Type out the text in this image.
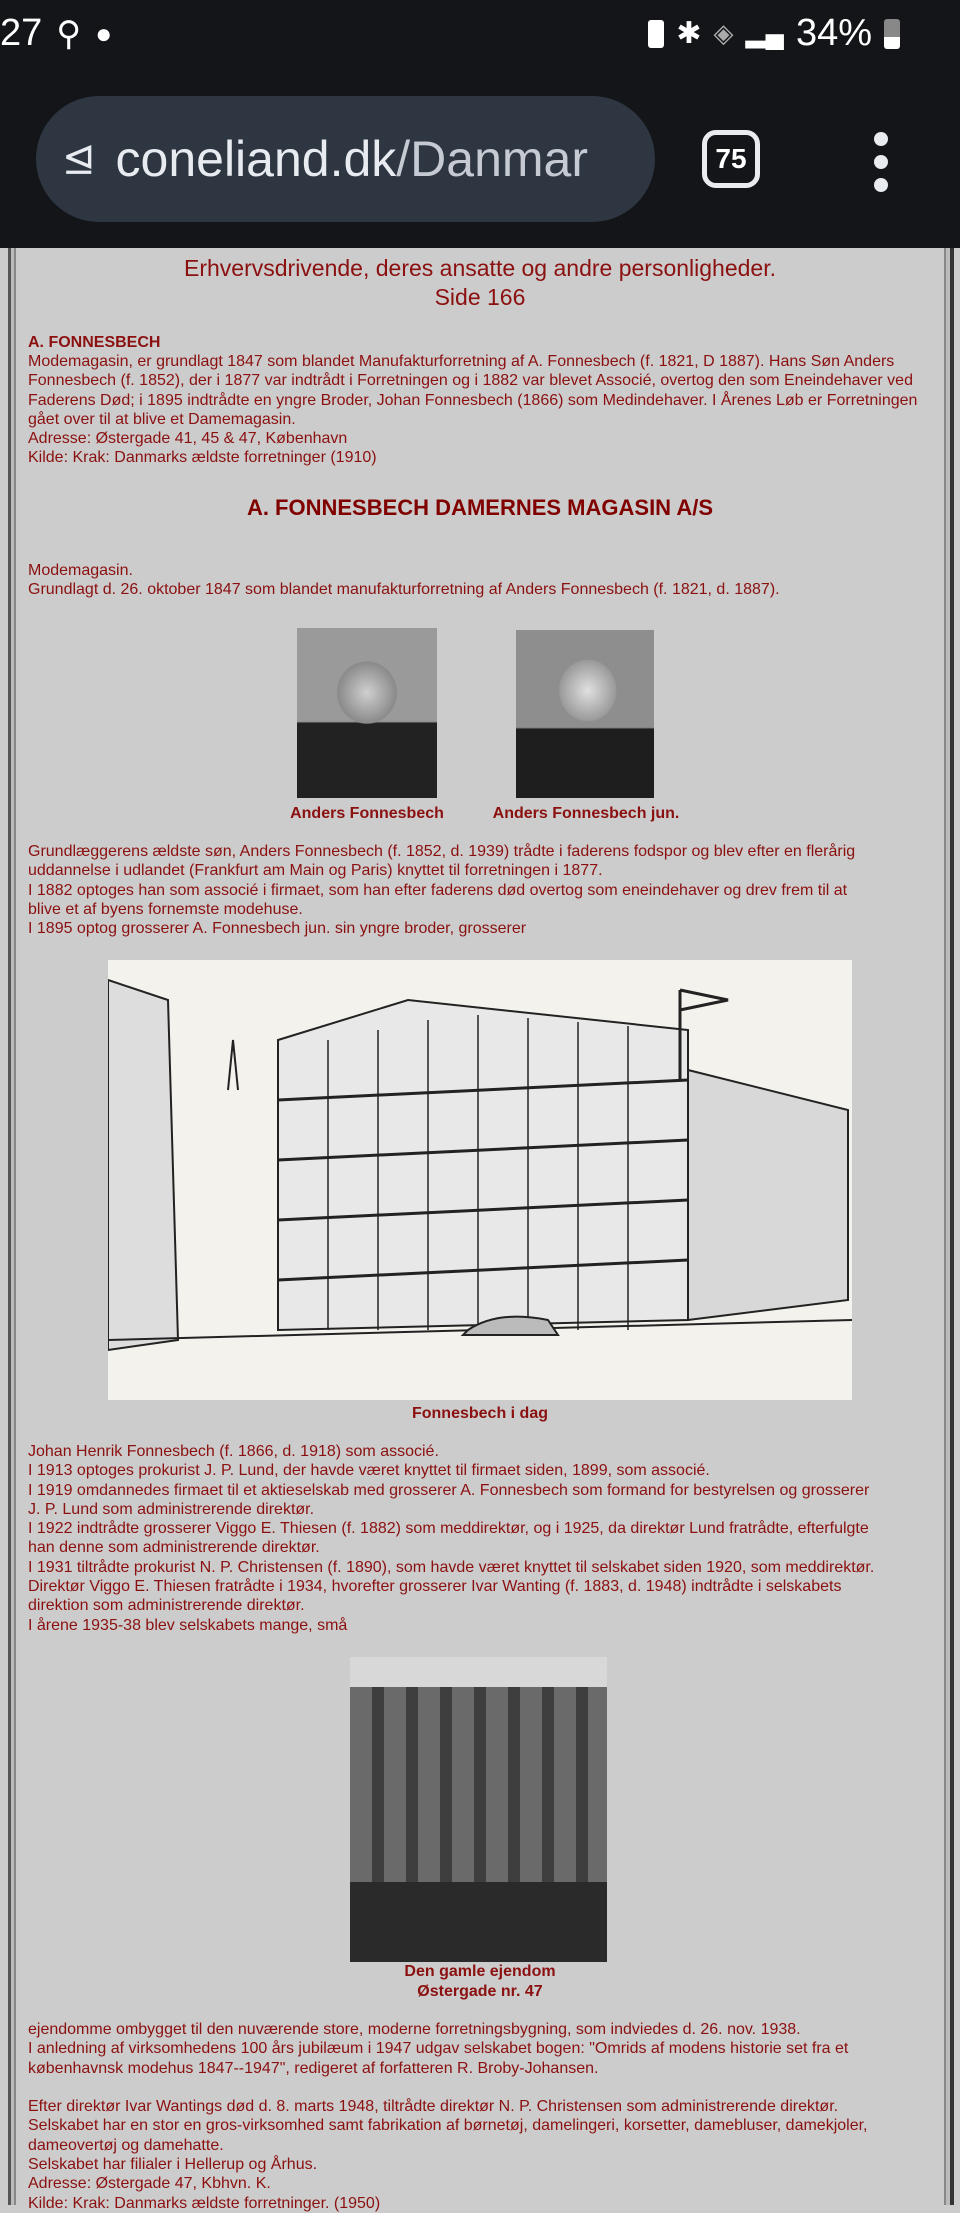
27 ⚲ ●	✱ ◈ ▂▄ 34%
⊴ coneliand.dk/Danmar	75
Erhvervsdrivende, deres ansatte og andre personligheder.
Side 166
A. FONNESBECH
Modemagasin, er grundlagt 1847 som blandet Manufakturforretning af A. Fonnesbech (f. 1821, D 1887). Hans Søn Anders
Fonnesbech (f. 1852), der i 1877 var indtrådt i Forretningen og i 1882 var blevet Associé, overtog den som Eneindehaver ved
Faderens Død; i 1895 indtrådte en yngre Broder, Johan Fonnesbech (1866) som Medindehaver. I Årenes Løb er Forretningen
gået over til at blive et Damemagasin.
Adresse: Østergade 41, 45 & 47, København
Kilde: Krak: Danmarks ældste forretninger (1910)
A. FONNESBECH DAMERNES MAGASIN A/S
Modemagasin.
Grundlagt d. 26. oktober 1847 som blandet manufakturforretning af Anders Fonnesbech (f. 1821, d. 1887).
Anders Fonnesbech	Anders Fonnesbech jun.
Grundlæggerens ældste søn, Anders Fonnesbech (f. 1852, d. 1939) trådte i faderens fodspor og blev efter en flerårig
uddannelse i udlandet (Frankfurt am Main og Paris) knyttet til forretningen i 1877.
I 1882 optoges han som associé i firmaet, som han efter faderens død overtog som eneindehaver og drev frem til at
blive et af byens fornemste modehuse.
I 1895 optog grosserer A. Fonnesbech jun. sin yngre broder, grosserer
Fonnesbech i dag
Johan Henrik Fonnesbech (f. 1866, d. 1918) som associé.
I 1913 optoges prokurist J. P. Lund, der havde været knyttet til firmaet siden, 1899, som associé.
I 1919 omdannedes firmaet til et aktieselskab med grosserer A. Fonnesbech som formand for bestyrelsen og grosserer
J. P. Lund som administrerende direktør.
I 1922 indtrådte grosserer Viggo E. Thiesen (f. 1882) som meddirektør, og i 1925, da direktør Lund fratrådte, efterfulgte
han denne som administrerende direktør.
I 1931 tiltrådte prokurist N. P. Christensen (f. 1890), som havde været knyttet til selskabet siden 1920, som meddirektør.
Direktør Viggo E. Thiesen fratrådte i 1934, hvorefter grosserer Ivar Wanting (f. 1883, d. 1948) indtrådte i selskabets
direktion som administrerende direktør.
I årene 1935-38 blev selskabets mange, små
Den gamle ejendom
Østergade nr. 47
ejendomme ombygget til den nuværende store, moderne forretningsbygning, som indviedes d. 26. nov. 1938.
I anledning af virksomhedens 100 års jubilæum i 1947 udgav selskabet bogen: "Omrids af modens historie set fra et
københavnsk modehus 1847--1947", redigeret af forfatteren R. Broby-Johansen.
Efter direktør Ivar Wantings død d. 8. marts 1948, tiltrådte direktør N. P. Christensen som administrerende direktør.
Selskabet har en stor en gros-virksomhed samt fabrikation af børnetøj, damelingeri, korsetter, damebluser, damekjoler,
dameovertøj og damehatte.
Selskabet har filialer i Hellerup og Århus.
Adresse: Østergade 47, Kbhvn. K.
Kilde: Krak: Danmarks ældste forretninger. (1950)
